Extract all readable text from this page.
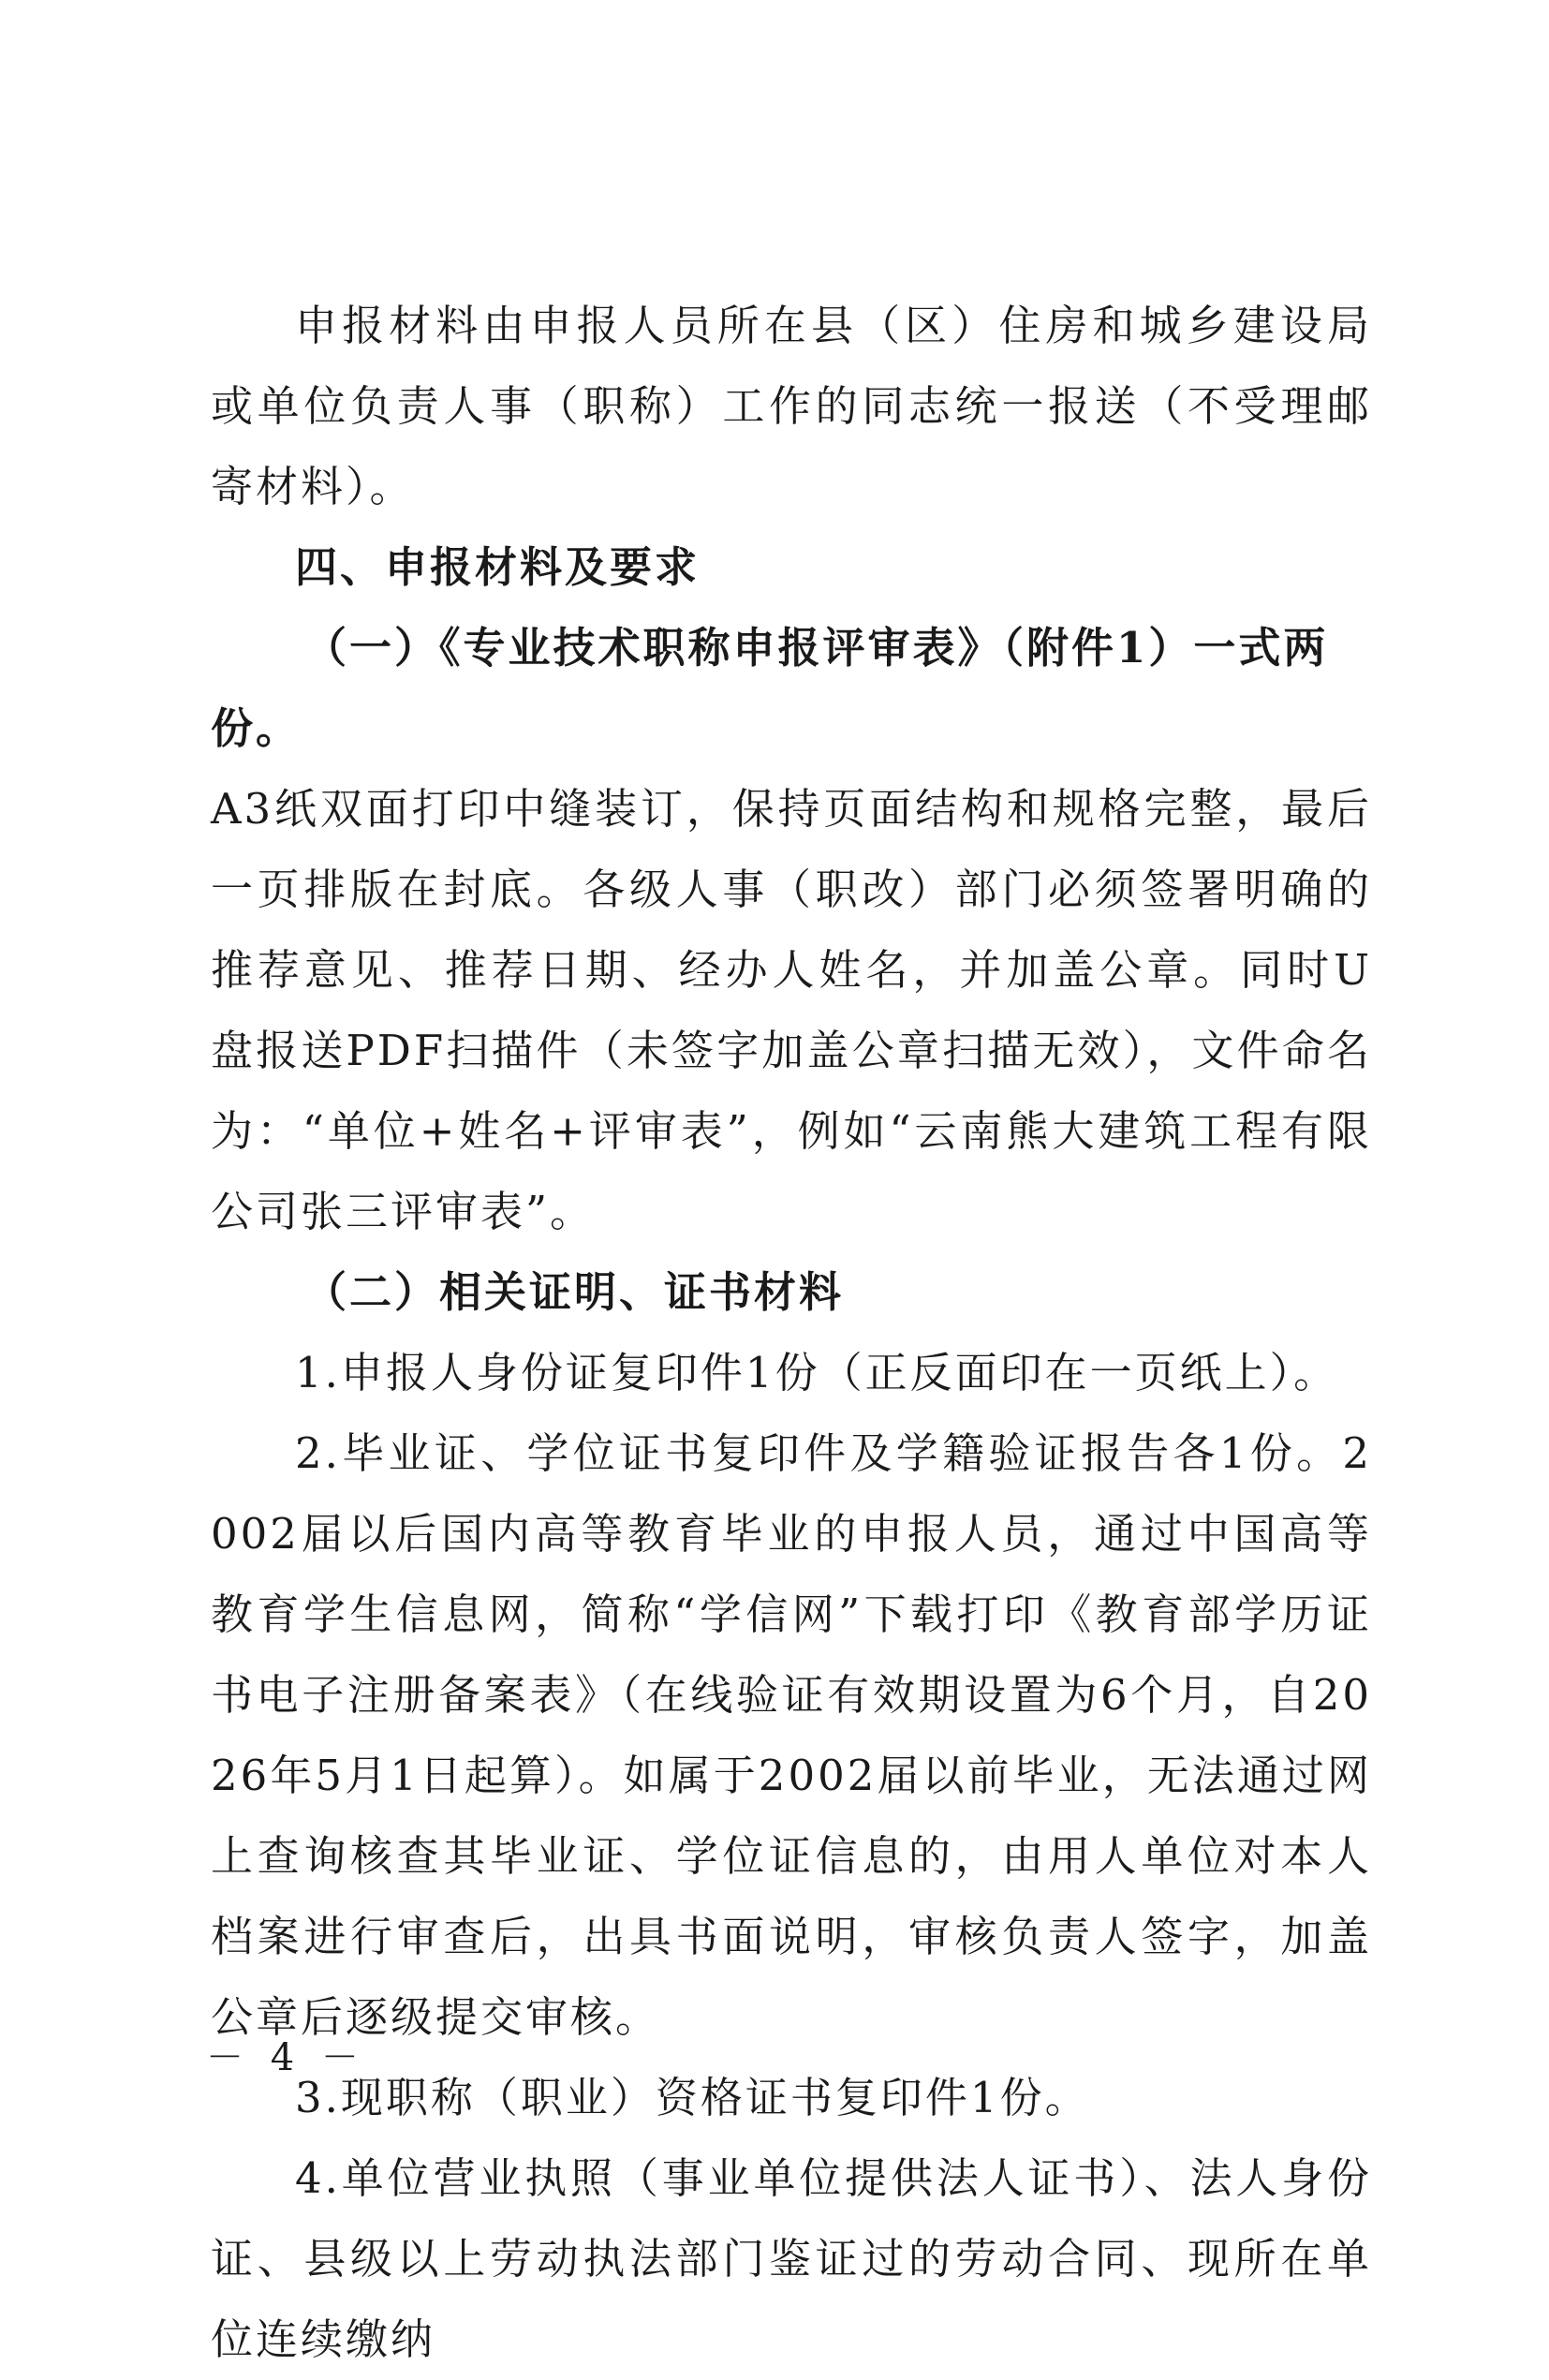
申报材料由申报人员所在县（区）住房和城乡建设局或单位负责人事（职称）工作的同志统一报送（不受理邮寄材料）。

四、申报材料及要求

（一）《专业技术职称申报评审表》（附件1）一式两份。

A3纸双面打印中缝装订，保持页面结构和规格完整，最后一页排版在封底。各级人事（职改）部门必须签署明确的推荐意见、推荐日期、经办人姓名，并加盖公章。同时U盘报送PDF扫描件（未签字加盖公章扫描无效），文件命名为：“单位+姓名+评审表”，例如“云南熊大建筑工程有限公司张三评审表”。

（二）相关证明、证书材料

1.申报人身份证复印件1份（正反面印在一页纸上）。

2.毕业证、学位证书复印件及学籍验证报告各1份。2002届以后国内高等教育毕业的申报人员，通过中国高等教育学生信息网，简称“学信网”下载打印《教育部学历证书电子注册备案表》（在线验证有效期设置为6个月，自2026年5月1日起算）。如属于2002届以前毕业，无法通过网上查询核查其毕业证、学位证信息的，由用人单位对本人档案进行审查后，出具书面说明，审核负责人签字，加盖公章后逐级提交审核。

3.现职称（职业）资格证书复印件1份。

4.单位营业执照（事业单位提供法人证书）、法人身份证、县级以上劳动执法部门鉴证过的劳动合同、现所在单位连续缴纳

－ 4 －
